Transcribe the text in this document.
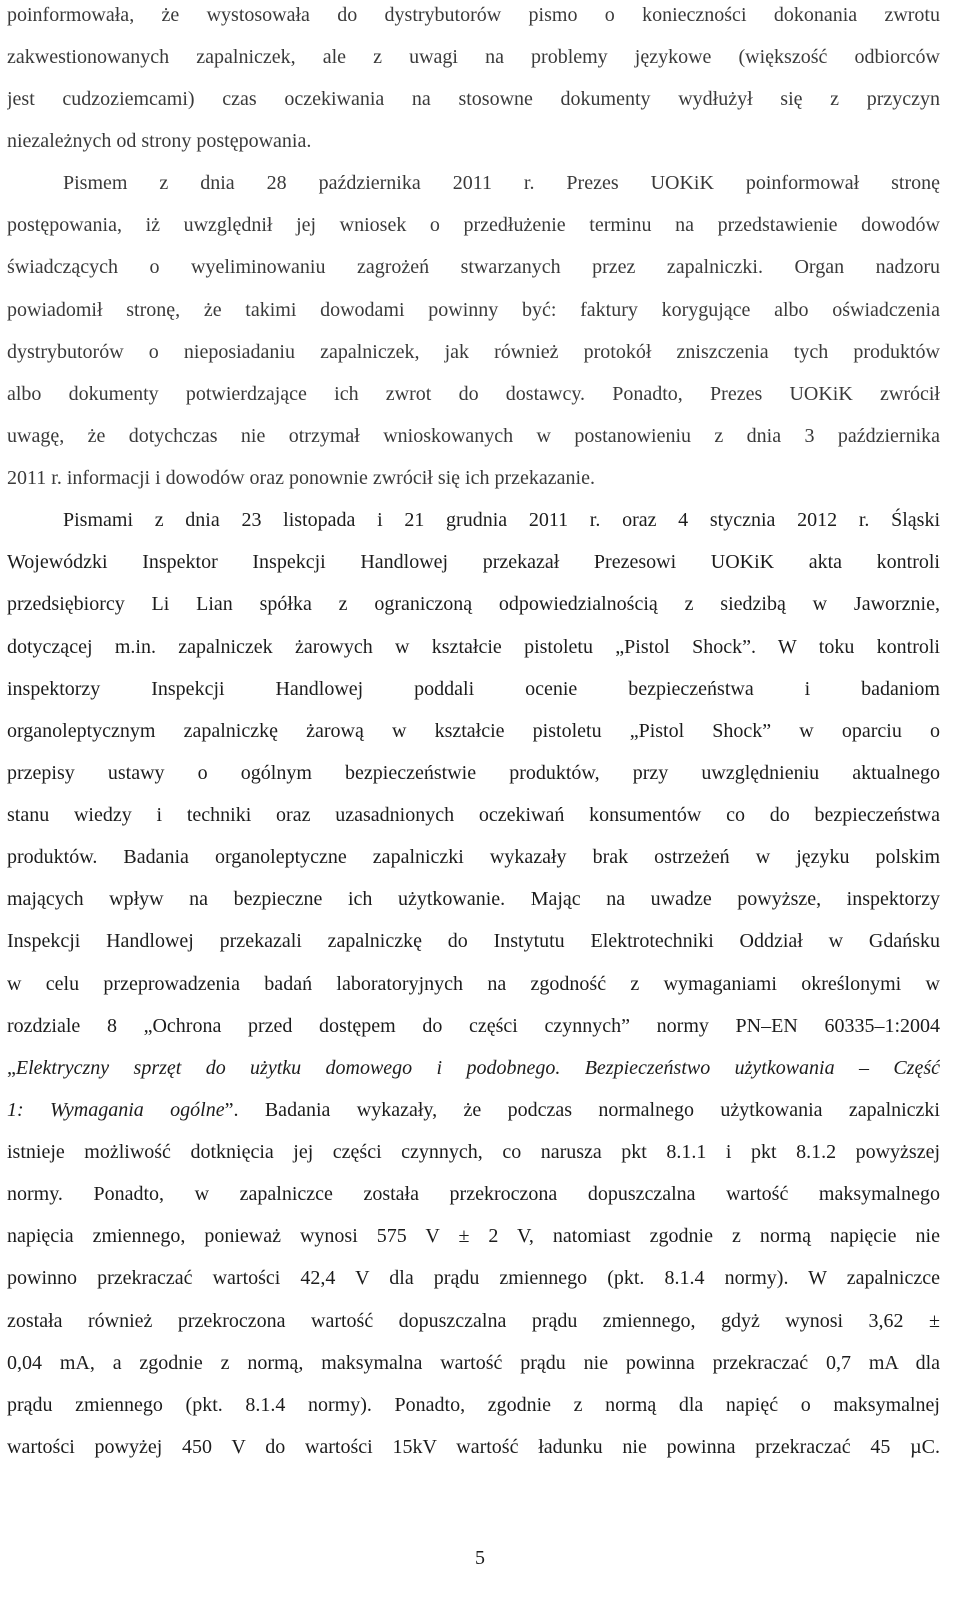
poinformowała, że wystosowała do dystrybutorów pismo o konieczności dokonania zwrotu
zakwestionowanych zapalniczek, ale z uwagi na problemy językowe (większość odbiorców
jest cudzoziemcami) czas oczekiwania na stosowne dokumenty wydłużył się z przyczyn
niezależnych od strony postępowania.
Pismem z dnia 28 października 2011 r. Prezes UOKiK poinformował stronę
postępowania, iż uwzględnił jej wniosek o przedłużenie terminu na przedstawienie dowodów
świadczących o wyeliminowaniu zagrożeń stwarzanych przez zapalniczki. Organ nadzoru
powiadomił stronę, że takimi dowodami powinny być: faktury korygujące albo oświadczenia
dystrybutorów o nieposiadaniu zapalniczek, jak również protokół zniszczenia tych produktów
albo dokumenty potwierdzające ich zwrot do dostawcy. Ponadto, Prezes UOKiK zwrócił
uwagę, że dotychczas nie otrzymał wnioskowanych w postanowieniu z dnia 3 października
2011 r. informacji i dowodów oraz ponownie zwrócił się ich przekazanie.
Pismami z dnia 23 listopada i 21 grudnia 2011 r. oraz 4 stycznia 2012 r. Śląski
Wojewódzki Inspektor Inspekcji Handlowej przekazał Prezesowi UOKiK akta kontroli
przedsiębiorcy Li Lian spółka z ograniczoną odpowiedzialnością z siedzibą w Jaworznie,
dotyczącej m.in. zapalniczek żarowych w kształcie pistoletu „Pistol Shock”. W toku kontroli
inspektorzy Inspekcji Handlowej poddali ocenie bezpieczeństwa i badaniom
organoleptycznym zapalniczkę żarową w kształcie pistoletu „Pistol Shock” w oparciu o
przepisy ustawy o ogólnym bezpieczeństwie produktów, przy uwzględnieniu aktualnego
stanu wiedzy i techniki oraz uzasadnionych oczekiwań konsumentów co do bezpieczeństwa
produktów. Badania organoleptyczne zapalniczki wykazały brak ostrzeżeń w języku polskim
mających wpływ na bezpieczne ich użytkowanie. Mając na uwadze powyższe, inspektorzy
Inspekcji Handlowej przekazali zapalniczkę do Instytutu Elektrotechniki Oddział w Gdańsku
w celu przeprowadzenia badań laboratoryjnych na zgodność z wymaganiami określonymi w
rozdziale 8 „Ochrona przed dostępem do części czynnych” normy PN–EN 60335–1:2004
„Elektryczny sprzęt do użytku domowego i podobnego. Bezpieczeństwo użytkowania – Część
1: Wymagania ogólne”. Badania wykazały, że podczas normalnego użytkowania zapalniczki
istnieje możliwość dotknięcia jej części czynnych, co narusza pkt 8.1.1 i pkt 8.1.2 powyższej
normy. Ponadto, w zapalniczce została przekroczona dopuszczalna wartość maksymalnego
napięcia zmiennego, ponieważ wynosi 575 V ± 2 V, natomiast zgodnie z normą napięcie nie
powinno przekraczać wartości 42,4 V dla prądu zmiennego (pkt. 8.1.4 normy). W zapalniczce
została również przekroczona wartość dopuszczalna prądu zmiennego, gdyż wynosi 3,62 ±
0,04 mA, a zgodnie z normą, maksymalna wartość prądu nie powinna przekraczać 0,7 mA dla
prądu zmiennego (pkt. 8.1.4 normy). Ponadto, zgodnie z normą dla napięć o maksymalnej
wartości powyżej 450 V do wartości 15kV wartość ładunku nie powinna przekraczać 45 µC.
5
